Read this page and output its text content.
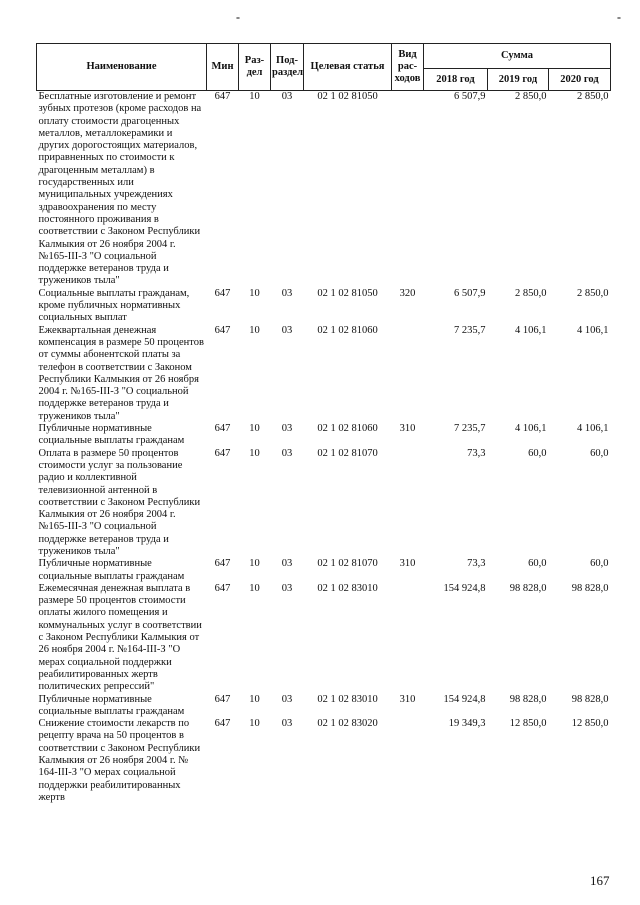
-	-
Наименование	Мин	Раз-дел	Под-раздел	Целевая статья	Вид рас-ходов	Сумма		
						2018 год	2019 год	2020 год
Бесплатные изготовление и ремонт зубных протезов (кроме расходов на оплату стоимости драгоценных металлов, металлокерамики и других дорогостоящих материалов, приравненных по стоимости к драгоценным металлам) в государственных или муниципальных учреждениях здравоохранения по месту постоянного проживания в соответствии с Законом Республики Калмыкия от 26 ноября 2004 г. №165-III-З "О социальной поддержке ветеранов труда и тружеников тыла"	647	10	03	02 1 02 81050		6 507,9	2 850,0	2 850,0
Социальные выплаты гражданам, кроме публичных нормативных социальных выплат	647	10	03	02 1 02 81050	320	6 507,9	2 850,0	2 850,0
Ежеквартальная денежная компенсация в размере 50 процентов от суммы абонентской платы за телефон в соответствии с Законом Республики Калмыкия от 26 ноября 2004 г. №165-III-З "О социальной поддержке ветеранов труда и тружеников тыла"	647	10	03	02 1 02 81060		7 235,7	4 106,1	4 106,1
Публичные нормативные социальные выплаты гражданам	647	10	03	02 1 02 81060	310	7 235,7	4 106,1	4 106,1
Оплата в размере 50 процентов стоимости услуг за пользование радио и коллективной телевизионной антенной в соответствии с Законом Республики Калмыкия от 26 ноября 2004 г. №165-III-З "О социальной поддержке ветеранов труда и тружеников тыла"	647	10	03	02 1 02 81070		73,3	60,0	60,0
Публичные нормативные социальные выплаты гражданам	647	10	03	02 1 02 81070	310	73,3	60,0	60,0
Ежемесячная денежная выплата в размере 50 процентов стоимости оплаты жилого помещения и коммунальных услуг в соответствии с Законом Республики Калмыкия от 26 ноября 2004 г. №164-III-З "О мерах социальной поддержки реабилитированных жертв политических репрессий"	647	10	03	02 1 02 83010		154 924,8	98 828,0	98 828,0
Публичные нормативные социальные выплаты гражданам	647	10	03	02 1 02 83010	310	154 924,8	98 828,0	98 828,0
Снижение стоимости лекарств по рецепту врача на 50 процентов в соответствии с Законом Республики Калмыкия от 26 ноября 2004 г. № 164-III-З "О мерах социальной поддержки реабилитированных жертв	647	10	03	02 1 02 83020		19 349,3	12 850,0	12 850,0
167
